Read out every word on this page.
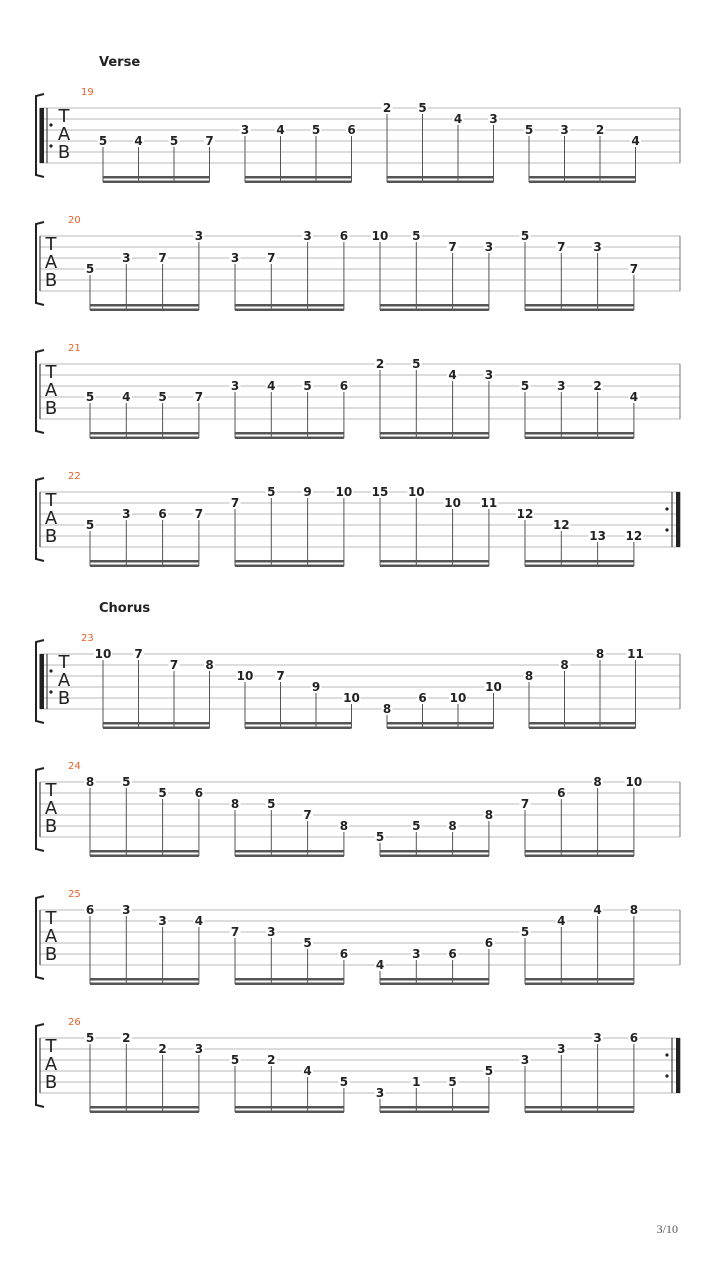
Verse
Chorus
T
A
B
19
5 4 5 7
3 4 5 6
2 5
4 3
5 3 2
4
T
A
B
20
5
3 7
3
3 7
3 6 10 5
7 3
5
7 3
7
T
A
B
21
5 4 5 7
3 4 5 6
2 5
4 3
5 3 2
4
T
A
B
22
5
3 6 7
7
5 9 10 15 10
10 11
12
12
13 12
T
A
B
23
10 7
7 8
10 7
9
10
8
6 10
10
8
8
8 11
T
A
B
24
8 5
5 6
8 5
7
8
5
5 8
8
7
6
8 10
T
A
B
25
6 3
3 4
7 3
5
6
4
3 6
6
5
4
4 8
T
A
B
26
5 2
2 3
5 2
4
5
3
1 5
5
3
3
3 6
3/10
